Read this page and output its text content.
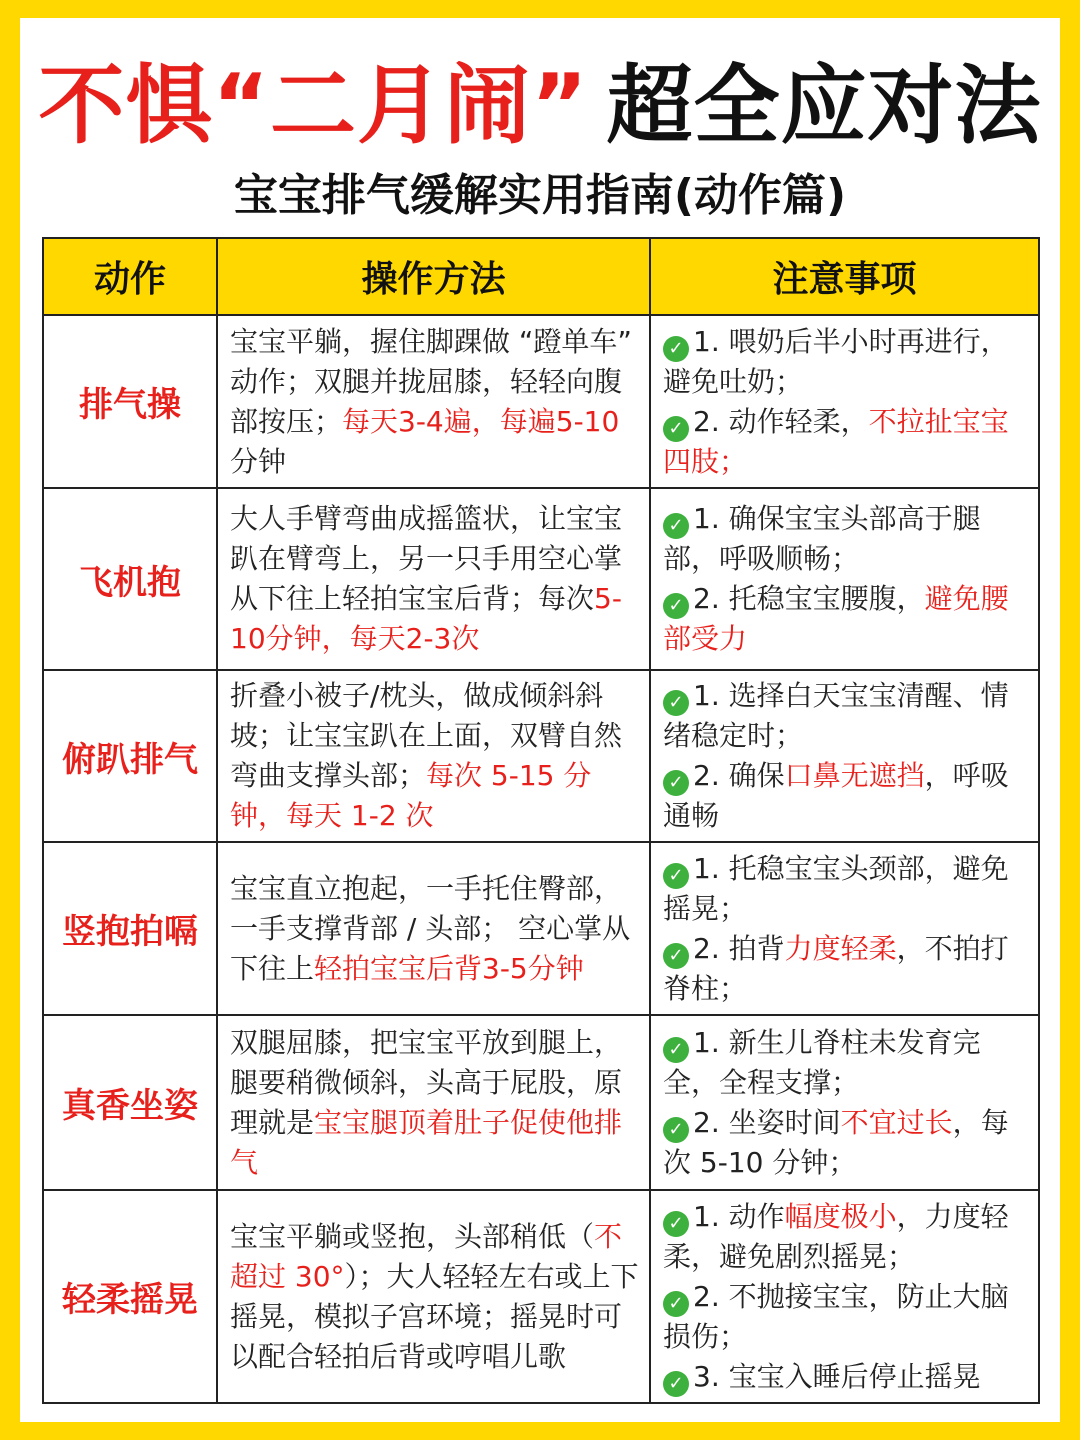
不惧“二月闹” 超全应对法
宝宝排气缓解实用指南(动作篇)
动作	操作方法	注意事项
排气操	宝宝平躺，握住脚踝做 “蹬单车” 动作；双腿并拢屈膝，轻轻向腹部按压；每天3-4遍，每遍5-10分钟	✓ 1. 喂奶后半小时再进行，避免吐奶；
✓ 2. 动作轻柔，不拉扯宝宝四肢；

飞机抱	大人手臂弯曲成摇篮状，让宝宝趴在臂弯上，另一只手用空心掌从下往上轻拍宝宝后背；每次5-10分钟，每天2-3次	✓ 1. 确保宝宝头部高于腿部，呼吸顺畅；
✓ 2. 托稳宝宝腰腹，避免腰部受力

俯趴排气	折叠小被子/枕头，做成倾斜斜坡；让宝宝趴在上面，双臂自然弯曲支撑头部；每次 5-15 分钟，每天 1-2 次	✓ 1. 选择白天宝宝清醒、情绪稳定时；
✓ 2. 确保口鼻无遮挡，呼吸通畅

竖抱拍嗝	宝宝直立抱起，一手托住臀部，一手支撑背部 / 头部； 空心掌从下往上轻拍宝宝后背3-5分钟	✓ 1. 托稳宝宝头颈部，避免摇晃；
✓ 2. 拍背力度轻柔，不拍打脊柱；

真香坐姿	双腿屈膝，把宝宝平放到腿上，腿要稍微倾斜，头高于屁股，原理就是宝宝腿顶着肚子促使他排气	✓ 1. 新生儿脊柱未发育完全，全程支撑；
✓ 2. 坐姿时间不宜过长，每次 5-10 分钟；

轻柔摇晃	宝宝平躺或竖抱，头部稍低（不超过 30°）；大人轻轻左右或上下摇晃，模拟子宫环境；摇晃时可以配合轻拍后背或哼唱儿歌	✓ 1. 动作幅度极小，力度轻柔，避免剧烈摇晃；
✓ 2. 不抛接宝宝，防止大脑损伤；
✓ 3. 宝宝入睡后停止摇晃
